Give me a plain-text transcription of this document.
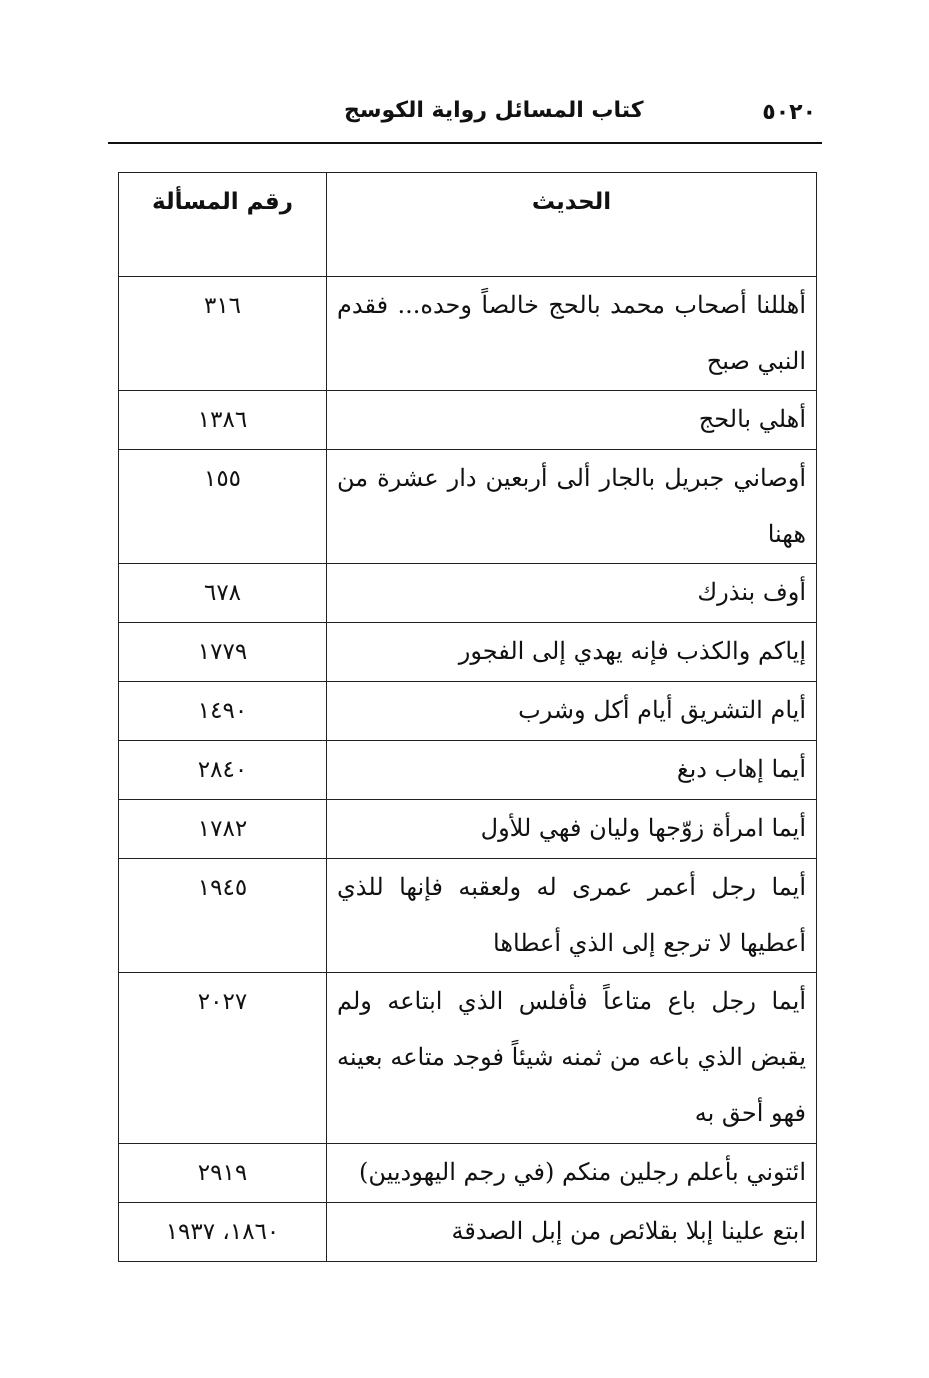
٥٠٢٠
كتاب المسائل رواية الكوسج
الحديث	رقم المسألة
أهللنا أصحاب محمد بالحج خالصاً وحده... فقدم النبي صبح	٣١٦
أهلي بالحج	١٣٨٦
أوصاني جبريل بالجار ألى أربعين دار عشرة من ههنا	١٥٥
أوف بنذرك	٦٧٨
إياكم والكذب فإنه يهدي إلى الفجور	١٧٧٩
أيام التشريق أيام أكل وشرب	١٤٩٠
أيما إهاب دبغ	٢٨٤٠
أيما امرأة زوّجها وليان فهي للأول	١٧٨٢
أيما رجل أعمر عمرى له ولعقبه فإنها للذي أعطيها لا ترجع إلى الذي أعطاها	١٩٤٥
أيما رجل باع متاعاً فأفلس الذي ابتاعه ولم يقبض الذي باعه من ثمنه شيئاً فوجد متاعه بعينه فهو أحق به	٢٠٢٧
ائتوني بأعلم رجلين منكم (في رجم اليهوديين)	٢٩١٩
ابتع علينا إبلا بقلائص من إبل الصدقة	١٨٦٠، ١٩٣٧
